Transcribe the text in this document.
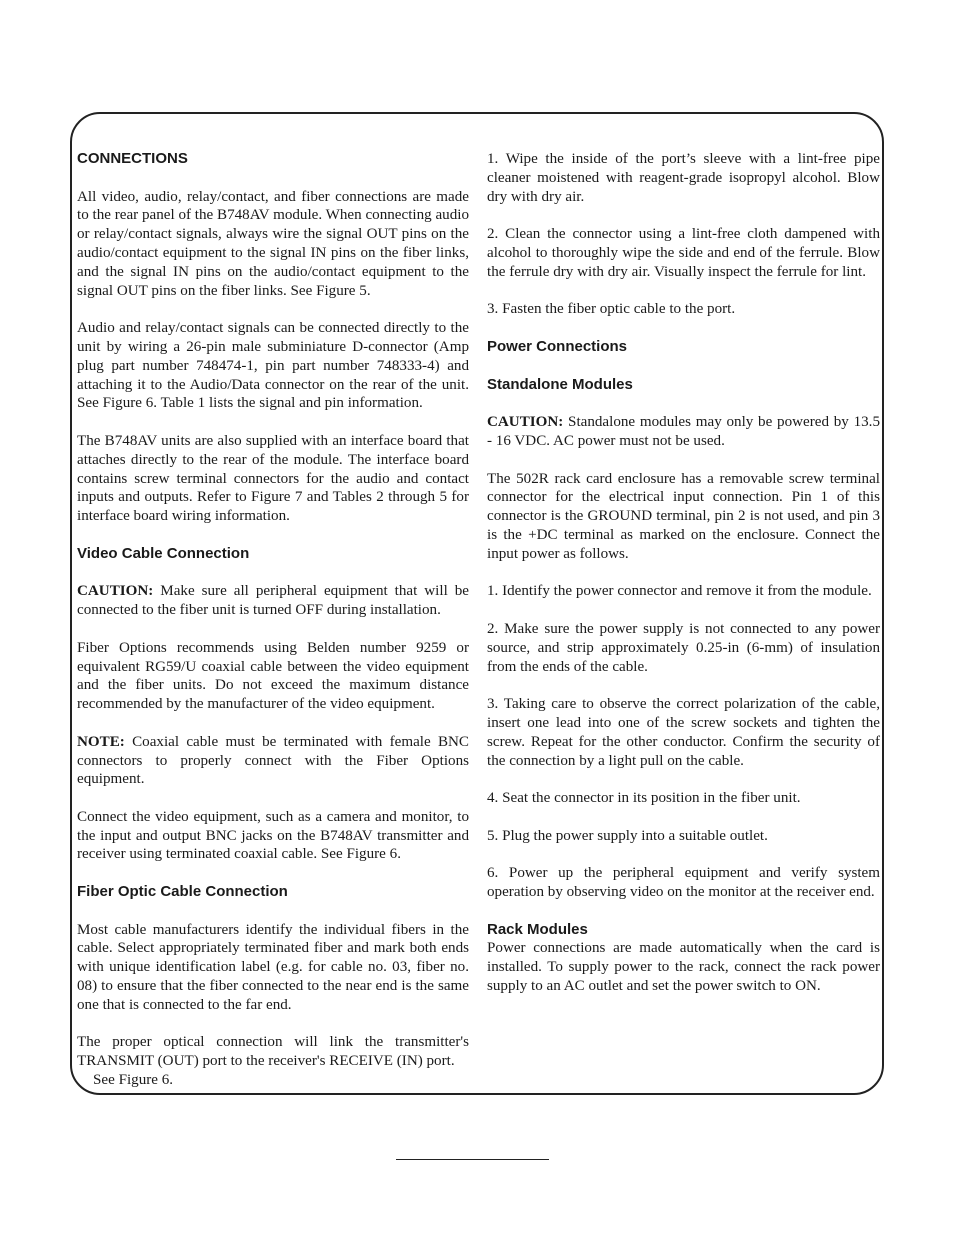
CONNECTIONS

All video, audio, relay/contact, and fiber connections are made to the rear panel of the B748AV module. When connecting audio or relay/contact signals, always wire the signal OUT pins on the audio/contact equipment to the signal IN pins on the fiber links, and the signal IN pins on the audio/contact equipment to the signal OUT pins on the fiber links. See Figure 5.

Audio and relay/contact signals can be connected directly to the unit by wiring a 26-pin male subminiature D-connector (Amp plug part number 748474-1, pin part number 748333-4) and attaching it to the Audio/Data connector on the rear of the unit. See Figure 6. Table 1 lists the signal and pin information.

The B748AV units are also supplied with an interface board that attaches directly to the rear of the module. The interface board contains screw terminal connectors for the audio and contact inputs and outputs. Refer to Figure 7 and Tables 2 through 5 for interface board wiring information.

Video Cable Connection

CAUTION: Make sure all peripheral equipment that will be connected to the fiber unit is turned OFF during installation.

Fiber Options recommends using Belden number 9259 or equivalent RG59/U coaxial cable between the video equipment and the fiber units. Do not exceed the maximum distance recommended by the manufacturer of the video equipment.

NOTE: Coaxial cable must be terminated with female BNC connectors to properly connect with the Fiber Options equipment.

Connect the video equipment, such as a camera and monitor, to the input and output BNC jacks on the B748AV transmitter and receiver using terminated coaxial cable. See Figure 6.

Fiber Optic Cable Connection

Most cable manufacturers identify the individual fibers in the cable. Select appropriately terminated fiber and mark both ends with unique identification label (e.g. for cable no. 03, fiber no. 08) to ensure that the fiber connected to the near end is the same one that is connected to the far end.

The proper optical connection will link the transmitter's TRANSMIT (OUT) port to the receiver's RECEIVE (IN) port.

See Figure 6.

1. Wipe the inside of the port’s sleeve with a lint-free pipe cleaner moistened with reagent-grade isopropyl alcohol. Blow dry with dry air.

2. Clean the connector using a lint-free cloth dampened with alcohol to thoroughly wipe the side and end of the ferrule. Blow the ferrule dry with dry air. Visually inspect the ferrule for lint.

3. Fasten the fiber optic cable to the port.

Power Connections
Standalone Modules

CAUTION: Standalone modules may only be powered by 13.5 - 16 VDC. AC power must not be used.

The 502R rack card enclosure has a removable screw terminal connector for the electrical input connection. Pin 1 of this connector is the GROUND terminal, pin 2 is not used, and pin 3 is the +DC terminal as marked on the enclosure. Connect the input power as follows.

1. Identify the power connector and remove it from the module.

2. Make sure the power supply is not connected to any power source, and strip approximately 0.25-in (6-mm) of insulation from the ends of the cable.

3. Taking care to observe the correct polarization of the cable, insert one lead into one of the screw sockets and tighten the screw. Repeat for the other conductor. Confirm the security of the connection by a light pull on the cable.

4. Seat the connector in its position in the fiber unit.

5. Plug the power supply into a suitable outlet.

6. Power up the peripheral equipment and verify system operation by observing video on the monitor at the receiver end.

Rack Modules

Power connections are made automatically when the card is installed. To supply power to the rack, connect the rack power supply to an AC outlet and set the power switch to ON.
